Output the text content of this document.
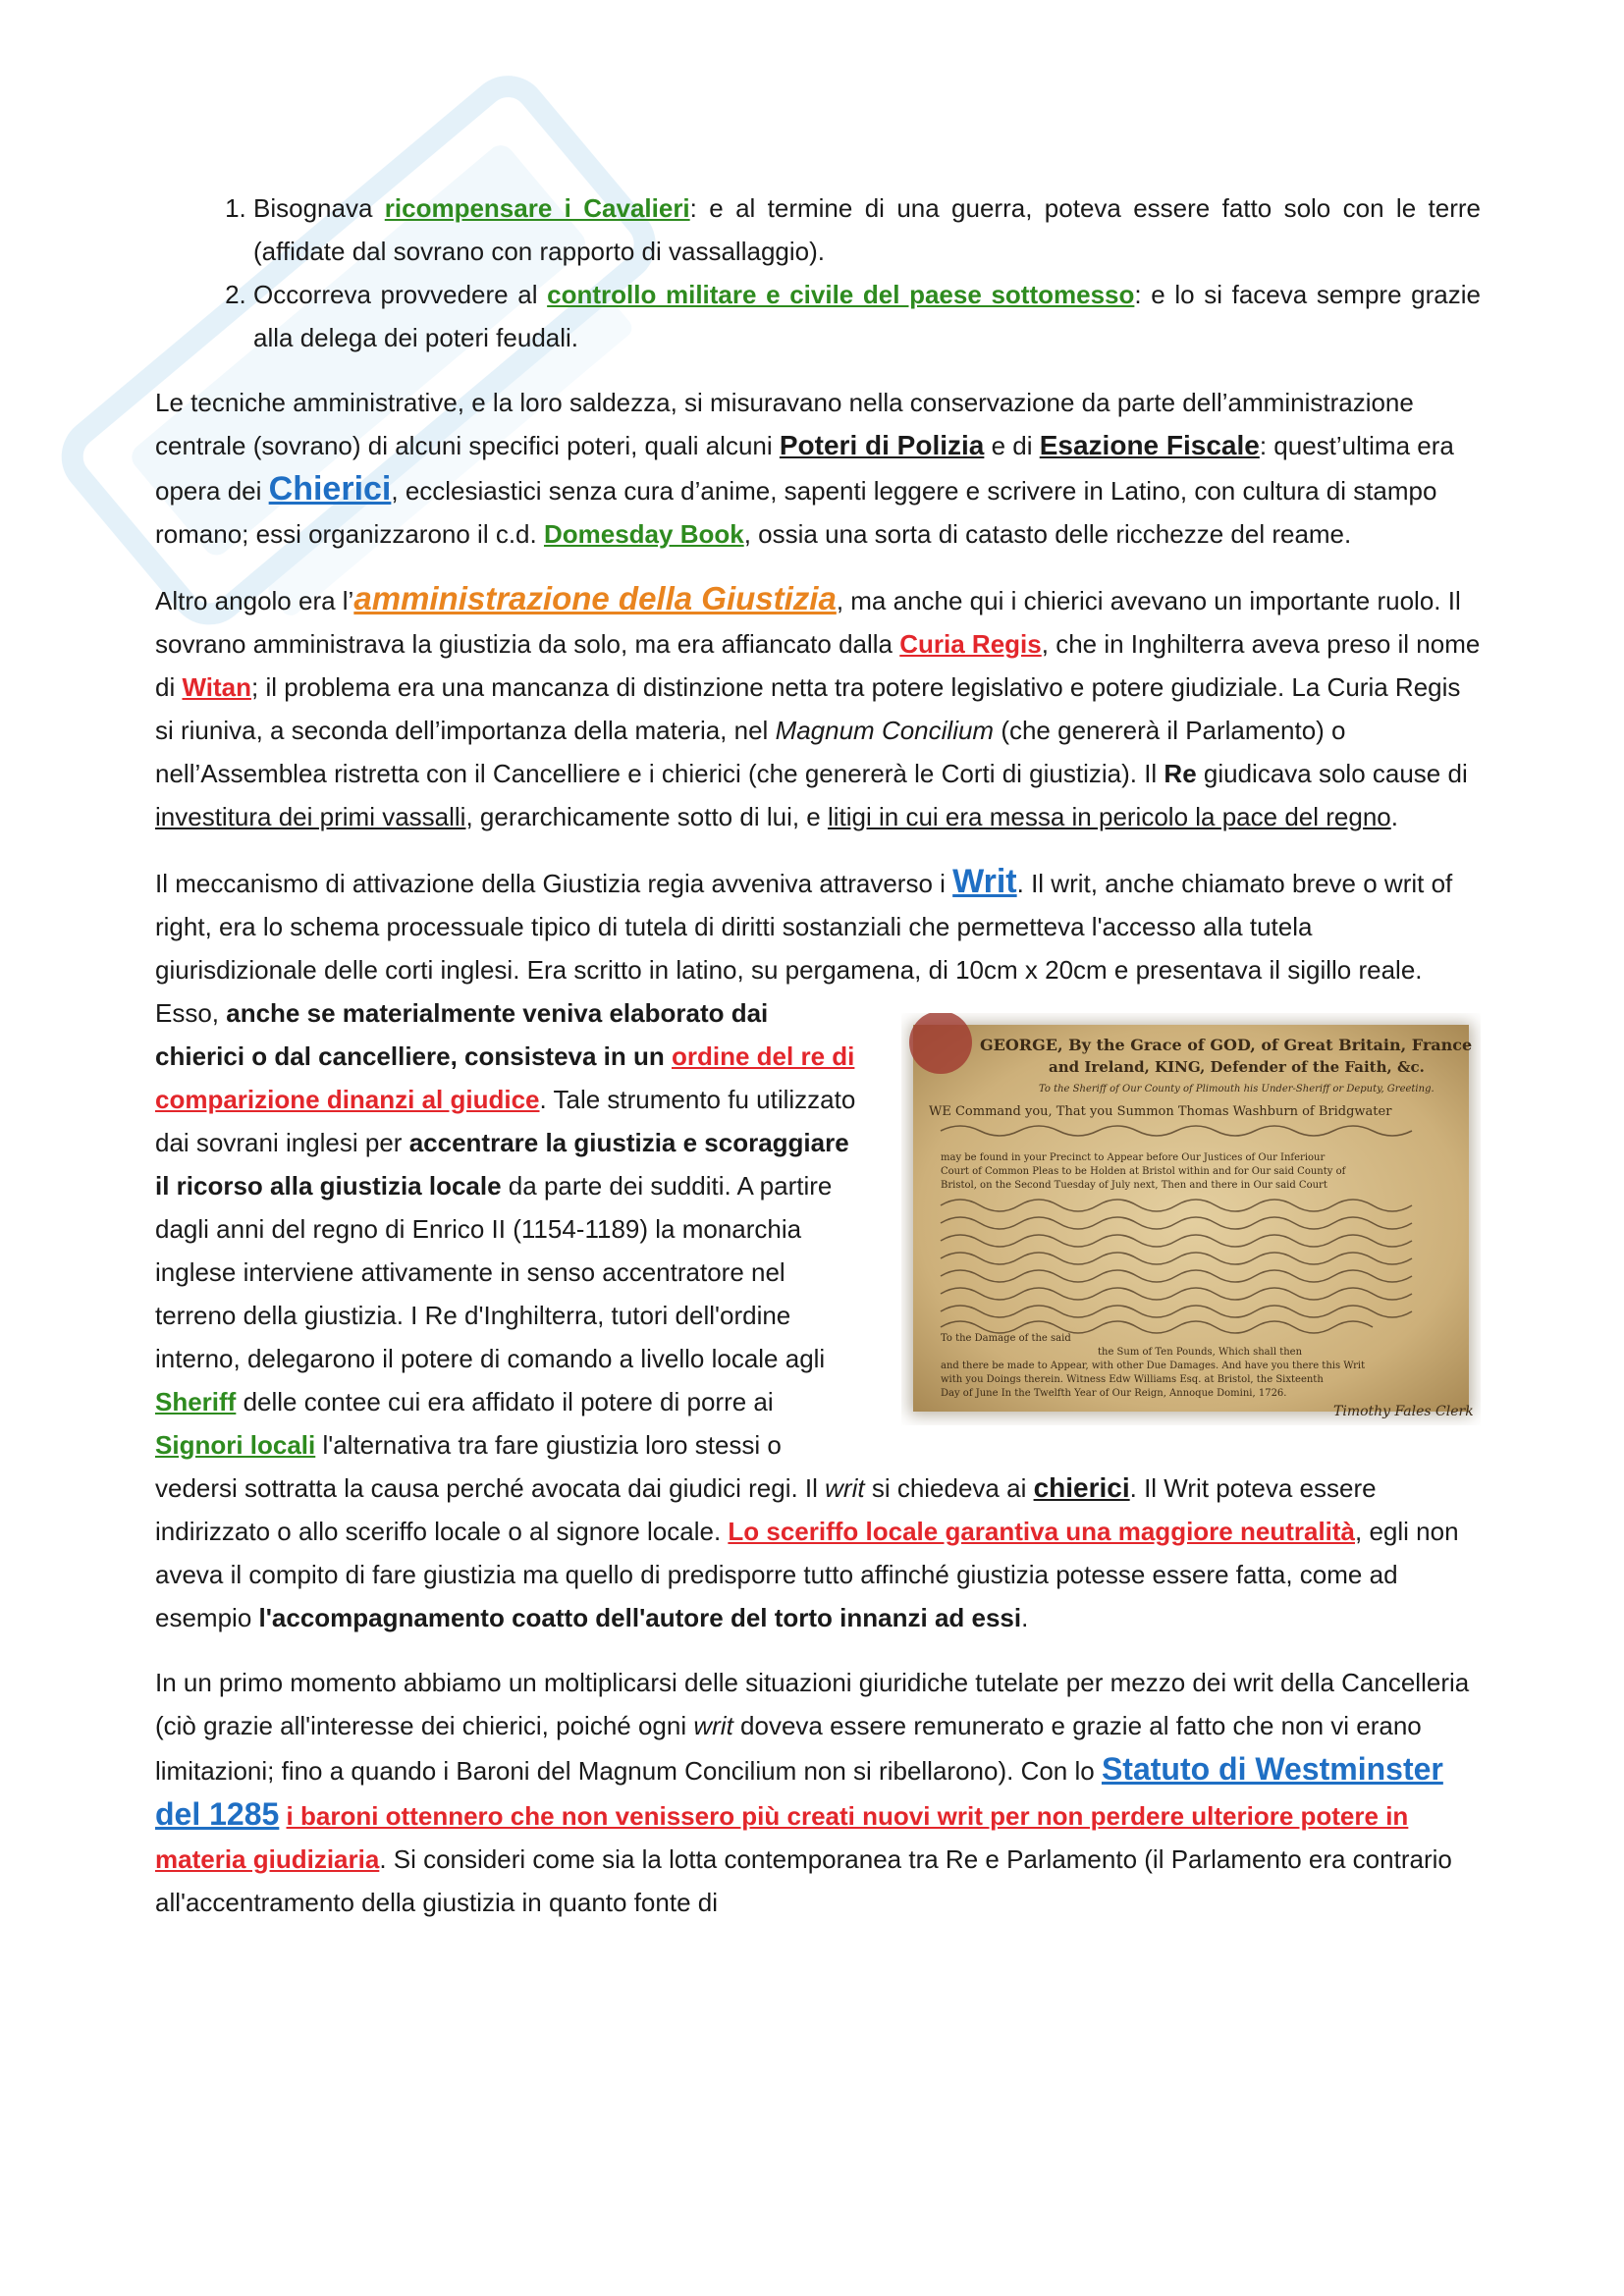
1. Bisognava ricompensare i Cavalieri: e al termine di una guerra, poteva essere fatto solo con le terre (affidate dal sovrano con rapporto di vassallaggio).
2. Occorreva provvedere al controllo militare e civile del paese sottomesso: e lo si faceva sempre grazie alla delega dei poteri feudali.

Le tecniche amministrative, e la loro saldezza, si misuravano nella conservazione da parte dell’amministrazione centrale (sovrano) di alcuni specifici poteri, quali alcuni Poteri di Polizia e di Esazione Fiscale: quest’ultima era opera dei Chierici, ecclesiastici senza cura d’anime, sapenti leggere e scrivere in Latino, con cultura di stampo romano; essi organizzarono il c.d. Domesday Book, ossia una sorta di catasto delle ricchezze del reame.

Altro angolo era l’amministrazione della Giustizia, ma anche qui i chierici avevano un importante ruolo. Il sovrano amministrava la giustizia da solo, ma era affiancato dalla Curia Regis, che in Inghilterra aveva preso il nome di Witan; il problema era una mancanza di distinzione netta tra potere legislativo e potere giudiziale. La Curia Regis si riuniva, a seconda dell’importanza della materia, nel Magnum Concilium (che genererà il Parlamento) o nell’Assemblea ristretta con il Cancelliere e i chierici (che genererà le Corti di giustizia). Il Re giudicava solo cause di investitura dei primi vassalli, gerarchicamente sotto di lui, e litigi in cui era messa in pericolo la pace del regno.

Il meccanismo di attivazione della Giustizia regia avveniva attraverso i Writ. Il writ, anche chiamato breve o writ of right, era lo schema processuale tipico di tutela di diritti sostanziali che permetteva l'accesso alla tutela giurisdizionale delle corti inglesi. Era scritto in latino, su pergamena, di 10cm x 20cm e presentava il sigillo reale. Esso,
GEORGE, By the Grace of GOD, of Great Britain, France
and Ireland, KING, Defender of the Faith, &c.
To the Sheriff of Our County of Plimouth his Under-Sheriff or Deputy, Greeting.
WE Command you, That you Summon Thomas Washburn of Bridgwater
may be found in your Precinct to Appear before Our Justices of Our Inferiour
Court of Common Pleas to be Holden at Bristol within and for Our said County of
Bristol, on the Second Tuesday of July next, Then and there in Our said Court
To the Damage of the said
the Sum of Ten Pounds, Which shall then
and there be made to Appear, with other Due Damages. And have you there this Writ
with you Doings therein. Witness Edw Williams Esq. at Bristol, the Sixteenth
Day of June In the Twelfth Year of Our Reign, Annoque Domini, 1726.
Timothy Fales Clerk
anche se materialmente veniva elaborato dai chierici o dal cancelliere, consisteva in un ordine del re di comparizione dinanzi al giudice. Tale strumento fu utilizzato dai sovrani inglesi per accentrare la giustizia e scoraggiare il ricorso alla giustizia locale da parte dei sudditi. A partire dagli anni del regno di Enrico II (1154-1189) la monarchia inglese interviene attivamente in senso accentratore nel terreno della giustizia. I Re d'Inghilterra, tutori dell'ordine interno, delegarono il potere di comando a livello locale agli Sheriff delle contee cui era affidato il potere di porre ai Signori locali l'alternativa tra fare giustizia loro stessi o vedersi sottratta la causa perché avocata dai giudici regi. Il writ si chiedeva ai chierici. Il Writ poteva essere indirizzato o allo sceriffo locale o al signore locale. Lo sceriffo locale garantiva una maggiore neutralità, egli non aveva il compito di fare giustizia ma quello di predisporre tutto affinché giustizia potesse essere fatta, come ad esempio l'accompagnamento coatto dell'autore del torto innanzi ad essi.

In un primo momento abbiamo un moltiplicarsi delle situazioni giuridiche tutelate per mezzo dei writ della Cancelleria (ciò grazie all'interesse dei chierici, poiché ogni writ doveva essere remunerato e grazie al fatto che non vi erano limitazioni; fino a quando i Baroni del Magnum Concilium non si ribellarono). Con lo Statuto di Westminster del 1285 i baroni ottennero che non venissero più creati nuovi writ per non perdere ulteriore potere in materia giudiziaria. Si consideri come sia la lotta contemporanea tra Re e Parlamento (il Parlamento era contrario all'accentramento della giustizia in quanto fonte di
